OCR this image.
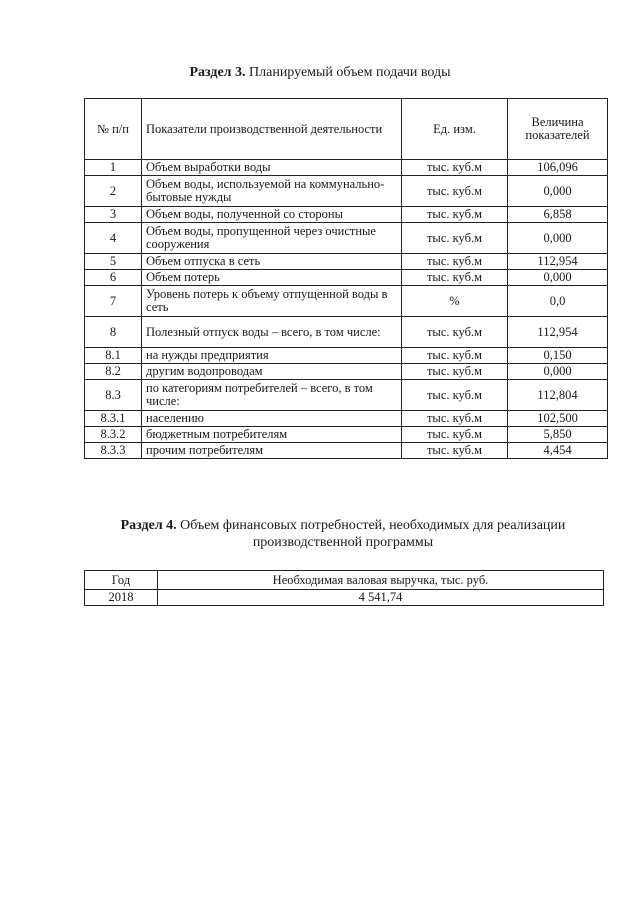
Раздел 3. Планируемый объем подачи воды
№ п/п	Показатели производственной деятельности	Ед. изм.	Величина показателей
1	Объем выработки воды	тыс. куб.м	106,096
2	Объем воды, используемой на коммунально-бытовые нужды	тыс. куб.м	0,000
3	Объем воды, полученной со стороны	тыс. куб.м	6,858
4	Объем воды, пропущенной через очистные сооружения	тыс. куб.м	0,000
5	Объем отпуска в сеть	тыс. куб.м	112,954
6	Объем потерь	тыс. куб.м	0,000
7	Уровень потерь к объему отпущенной воды в сеть	%	0,0
8	Полезный отпуск воды – всего, в том числе:	тыс. куб.м	112,954
8.1	на нужды предприятия	тыс. куб.м	0,150
8.2	другим водопроводам	тыс. куб.м	0,000
8.3	по категориям потребителей – всего, в том числе:	тыс. куб.м	112,804
8.3.1	населению	тыс. куб.м	102,500
8.3.2	бюджетным потребителям	тыс. куб.м	5,850
8.3.3	прочим потребителям	тыс. куб.м	4,454
Раздел 4. Объем финансовых потребностей, необходимых для реализации производственной программы
Год	Необходимая валовая выручка, тыс. руб.
2018	4 541,74
